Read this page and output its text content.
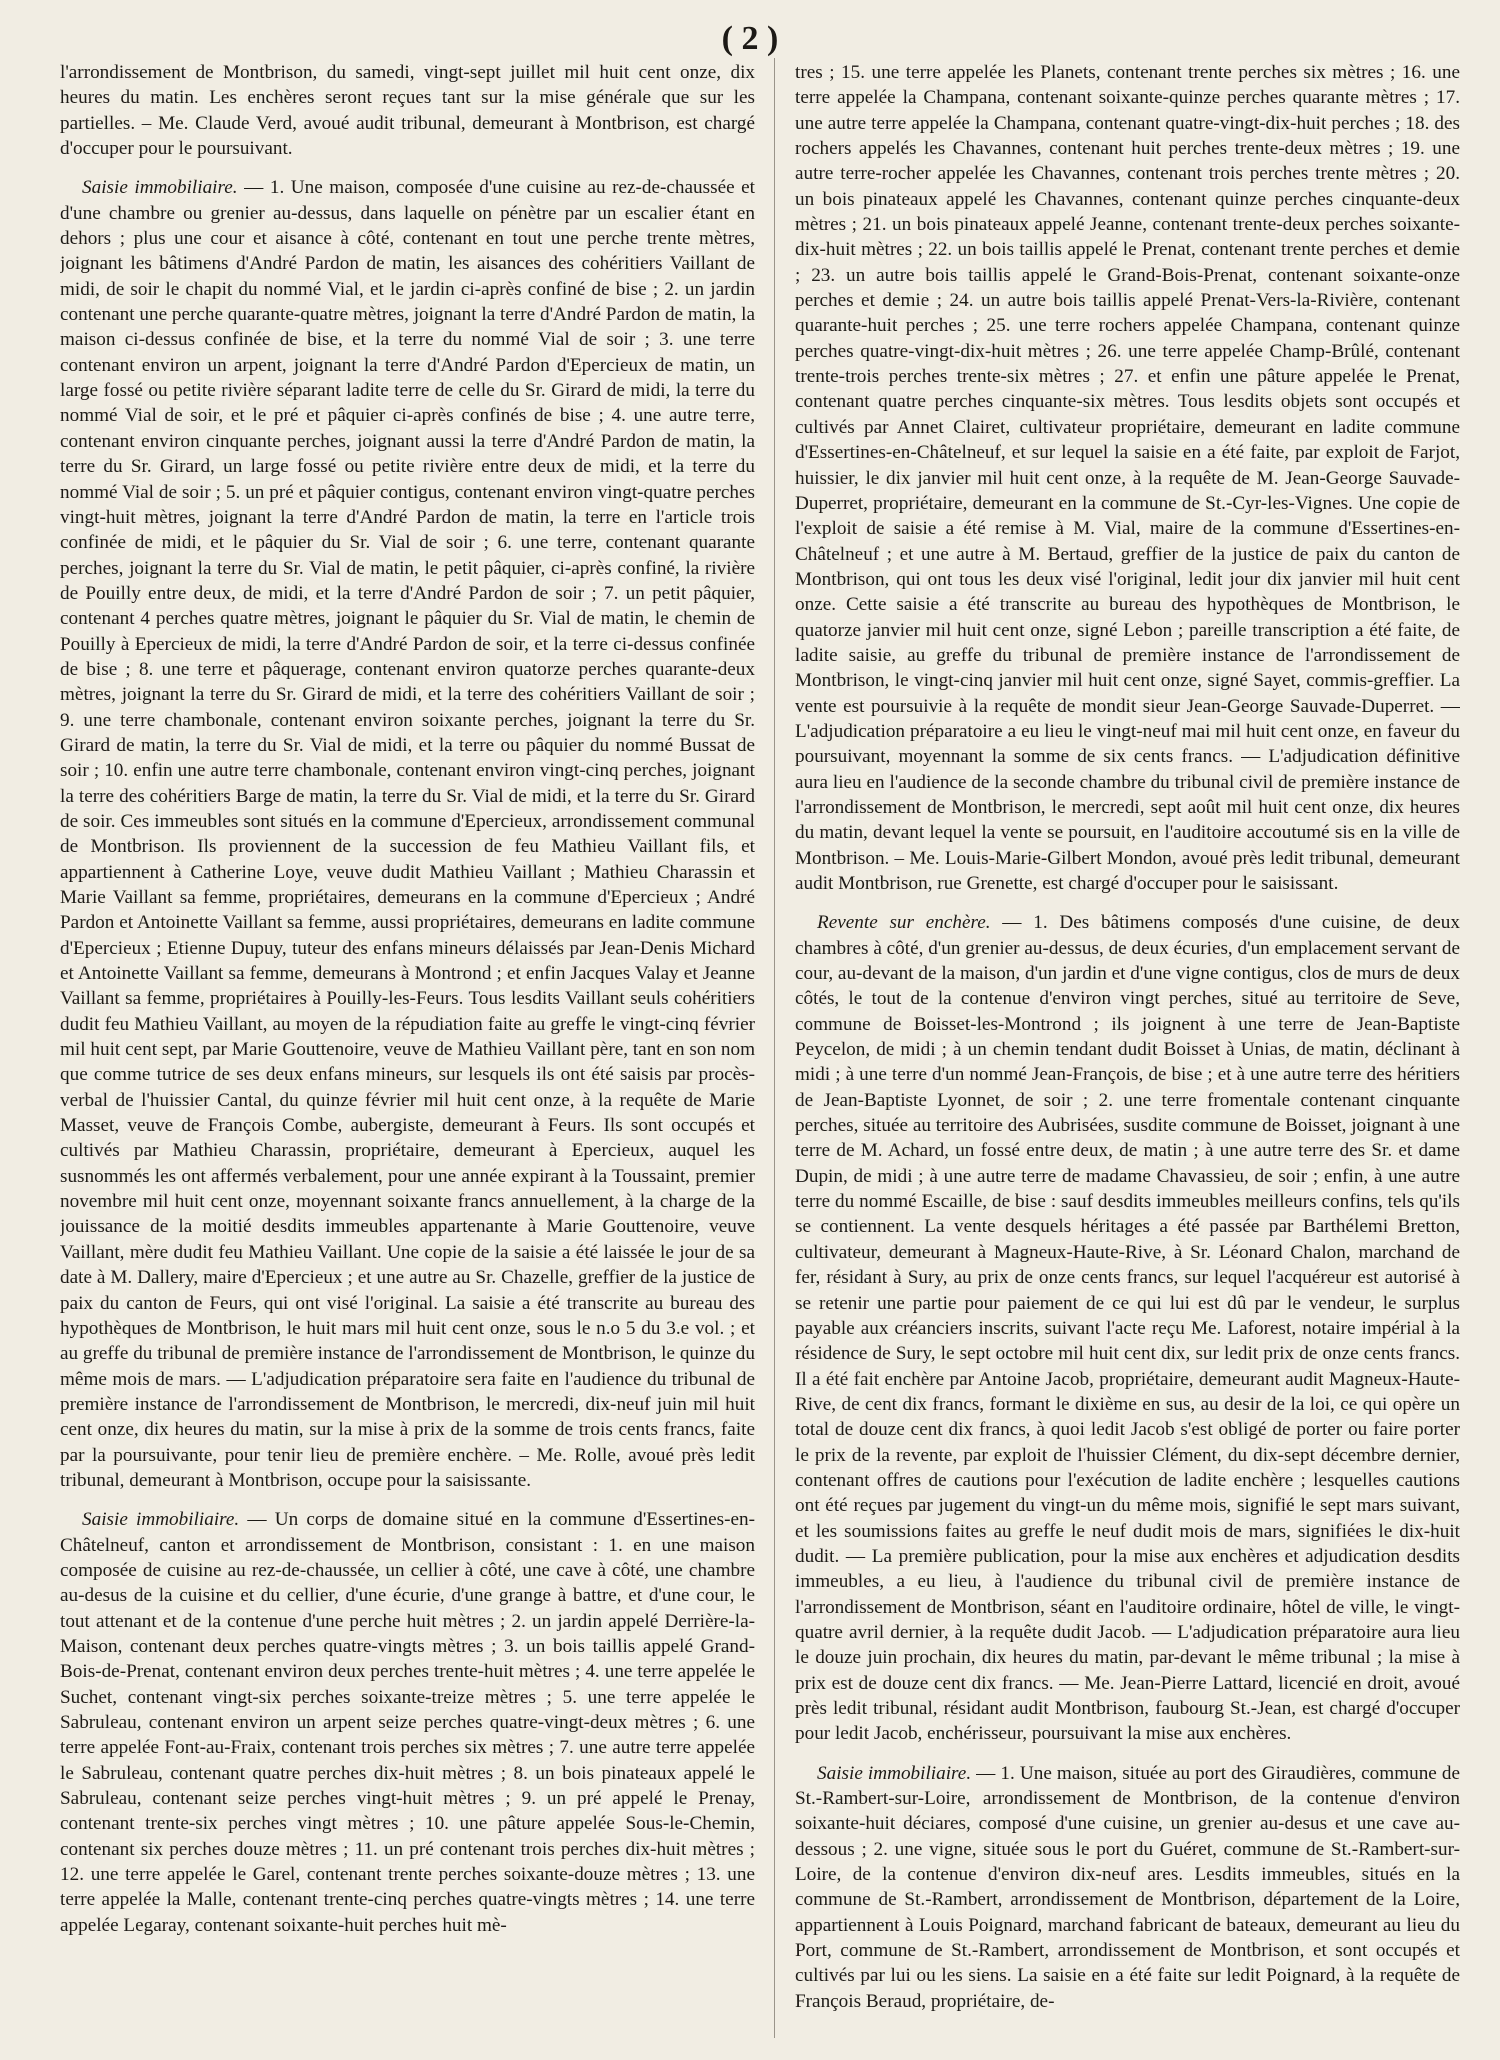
( 2 )

l'arrondissement de Montbrison, du samedi, vingt-sept juillet mil huit cent onze, dix heures du matin. Les enchères seront reçues tant sur la mise générale que sur les partielles. – Me. Claude Verd, avoué audit tribunal, demeurant à Montbrison, est chargé d'occuper pour le poursuivant.

Saisie immobiliaire. — 1. Une maison, composée d'une cuisine au rez-de-chaussée et d'une chambre ou grenier au-dessus, dans laquelle on pénètre par un escalier étant en dehors ; plus une cour et aisance à côté, contenant en tout une perche trente mètres, joignant les bâtimens d'André Pardon de matin, les aisances des cohéritiers Vaillant de midi, de soir le chapit du nommé Vial, et le jardin ci-après confiné de bise ; 2. un jardin contenant une perche quarante-quatre mètres, joignant la terre d'André Pardon de matin, la maison ci-dessus confinée de bise, et la terre du nommé Vial de soir ; 3. une terre contenant environ un arpent, joignant la terre d'André Pardon d'Epercieux de matin, un large fossé ou petite rivière séparant ladite terre de celle du Sr. Girard de midi, la terre du nommé Vial de soir, et le pré et pâquier ci-après confinés de bise ; 4. une autre terre, contenant environ cinquante perches, joignant aussi la terre d'André Pardon de matin, la terre du Sr. Girard, un large fossé ou petite rivière entre deux de midi, et la terre du nommé Vial de soir ; 5. un pré et pâquier contigus, contenant environ vingt-quatre perches vingt-huit mètres, joignant la terre d'André Pardon de matin, la terre en l'article trois confinée de midi, et le pâquier du Sr. Vial de soir ; 6. une terre, contenant quarante perches, joignant la terre du Sr. Vial de matin, le petit pâquier, ci-après confiné, la rivière de Pouilly entre deux, de midi, et la terre d'André Pardon de soir ; 7. un petit pâquier, contenant 4 perches quatre mètres, joignant le pâquier du Sr. Vial de matin, le chemin de Pouilly à Epercieux de midi, la terre d'André Pardon de soir, et la terre ci-dessus confinée de bise ; 8. une terre et pâquerage, contenant environ quatorze perches quarante-deux mètres, joignant la terre du Sr. Girard de midi, et la terre des cohéritiers Vaillant de soir ; 9. une terre chambonale, contenant environ soixante perches, joignant la terre du Sr. Girard de matin, la terre du Sr. Vial de midi, et la terre ou pâquier du nommé Bussat de soir ; 10. enfin une autre terre chambonale, contenant environ vingt-cinq perches, joignant la terre des cohéritiers Barge de matin, la terre du Sr. Vial de midi, et la terre du Sr. Girard de soir. Ces immeubles sont situés en la commune d'Epercieux, arrondissement communal de Montbrison. Ils proviennent de la succession de feu Mathieu Vaillant fils, et appartiennent à Catherine Loye, veuve dudit Mathieu Vaillant ; Mathieu Charassin et Marie Vaillant sa femme, propriétaires, demeurans en la commune d'Epercieux ; André Pardon et Antoinette Vaillant sa femme, aussi propriétaires, demeurans en ladite commune d'Epercieux ; Etienne Dupuy, tuteur des enfans mineurs délaissés par Jean-Denis Michard et Antoinette Vaillant sa femme, demeurans à Montrond ; et enfin Jacques Valay et Jeanne Vaillant sa femme, propriétaires à Pouilly-les-Feurs. Tous lesdits Vaillant seuls cohéritiers dudit feu Mathieu Vaillant, au moyen de la répudiation faite au greffe le vingt-cinq février mil huit cent sept, par Marie Gouttenoire, veuve de Mathieu Vaillant père, tant en son nom que comme tutrice de ses deux enfans mineurs, sur lesquels ils ont été saisis par procès-verbal de l'huissier Cantal, du quinze février mil huit cent onze, à la requête de Marie Masset, veuve de François Combe, aubergiste, demeurant à Feurs. Ils sont occupés et cultivés par Mathieu Charassin, propriétaire, demeurant à Epercieux, auquel les susnommés les ont affermés verbalement, pour une année expirant à la Toussaint, premier novembre mil huit cent onze, moyennant soixante francs annuellement, à la charge de la jouissance de la moitié desdits immeubles appartenante à Marie Gouttenoire, veuve Vaillant, mère dudit feu Mathieu Vaillant. Une copie de la saisie a été laissée le jour de sa date à M. Dallery, maire d'Epercieux ; et une autre au Sr. Chazelle, greffier de la justice de paix du canton de Feurs, qui ont visé l'original. La saisie a été transcrite au bureau des hypothèques de Montbrison, le huit mars mil huit cent onze, sous le n.o 5 du 3.e vol. ; et au greffe du tribunal de première instance de l'arrondissement de Montbrison, le quinze du même mois de mars. — L'adjudication préparatoire sera faite en l'audience du tribunal de première instance de l'arrondissement de Montbrison, le mercredi, dix-neuf juin mil huit cent onze, dix heures du matin, sur la mise à prix de la somme de trois cents francs, faite par la poursuivante, pour tenir lieu de première enchère. – Me. Rolle, avoué près ledit tribunal, demeurant à Montbrison, occupe pour la saisissante.

Saisie immobiliaire. — Un corps de domaine situé en la commune d'Essertines-en-Châtelneuf, canton et arrondissement de Montbrison, consistant : 1. en une maison composée de cuisine au rez-de-chaussée, un cellier à côté, une cave à côté, une chambre au-desus de la cuisine et du cellier, d'une écurie, d'une grange à battre, et d'une cour, le tout attenant et de la contenue d'une perche huit mètres ; 2. un jardin appelé Derrière-la-Maison, contenant deux perches quatre-vingts mètres ; 3. un bois taillis appelé Grand-Bois-de-Prenat, contenant environ deux perches trente-huit mètres ; 4. une terre appelée le Suchet, contenant vingt-six perches soixante-treize mètres ; 5. une terre appelée le Sabruleau, contenant environ un arpent seize perches quatre-vingt-deux mètres ; 6. une terre appelée Font-au-Fraix, contenant trois perches six mètres ; 7. une autre terre appelée le Sabruleau, contenant quatre perches dix-huit mètres ; 8. un bois pinateaux appelé le Sabruleau, contenant seize perches vingt-huit mètres ; 9. un pré appelé le Prenay, contenant trente-six perches vingt mètres ; 10. une pâture appelée Sous-le-Chemin, contenant six perches douze mètres ; 11. un pré contenant trois perches dix-huit mètres ; 12. une terre appelée le Garel, contenant trente perches soixante-douze mètres ; 13. une terre appelée la Malle, contenant trente-cinq perches quatre-vingts mètres ; 14. une terre appelée Legaray, contenant soixante-huit perches huit mè-

tres ; 15. une terre appelée les Planets, contenant trente perches six mètres ; 16. une terre appelée la Champana, contenant soixante-quinze perches quarante mètres ; 17. une autre terre appelée la Champana, contenant quatre-vingt-dix-huit perches ; 18. des rochers appelés les Chavannes, contenant huit perches trente-deux mètres ; 19. une autre terre-rocher appelée les Chavannes, contenant trois perches trente mètres ; 20. un bois pinateaux appelé les Chavannes, contenant quinze perches cinquante-deux mètres ; 21. un bois pinateaux appelé Jeanne, contenant trente-deux perches soixante-dix-huit mètres ; 22. un bois taillis appelé le Prenat, contenant trente perches et demie ; 23. un autre bois taillis appelé le Grand-Bois-Prenat, contenant soixante-onze perches et demie ; 24. un autre bois taillis appelé Prenat-Vers-la-Rivière, contenant quarante-huit perches ; 25. une terre rochers appelée Champana, contenant quinze perches quatre-vingt-dix-huit mètres ; 26. une terre appelée Champ-Brûlé, contenant trente-trois perches trente-six mètres ; 27. et enfin une pâture appelée le Prenat, contenant quatre perches cinquante-six mètres. Tous lesdits objets sont occupés et cultivés par Annet Clairet, cultivateur propriétaire, demeurant en ladite commune d'Essertines-en-Châtelneuf, et sur lequel la saisie en a été faite, par exploit de Farjot, huissier, le dix janvier mil huit cent onze, à la requête de M. Jean-George Sauvade-Duperret, propriétaire, demeurant en la commune de St.-Cyr-les-Vignes. Une copie de l'exploit de saisie a été remise à M. Vial, maire de la commune d'Essertines-en-Châtelneuf ; et une autre à M. Bertaud, greffier de la justice de paix du canton de Montbrison, qui ont tous les deux visé l'original, ledit jour dix janvier mil huit cent onze. Cette saisie a été transcrite au bureau des hypothèques de Montbrison, le quatorze janvier mil huit cent onze, signé Lebon ; pareille transcription a été faite, de ladite saisie, au greffe du tribunal de première instance de l'arrondissement de Montbrison, le vingt-cinq janvier mil huit cent onze, signé Sayet, commis-greffier. La vente est poursuivie à la requête de mondit sieur Jean-George Sauvade-Duperret. — L'adjudication préparatoire a eu lieu le vingt-neuf mai mil huit cent onze, en faveur du poursuivant, moyennant la somme de six cents francs. — L'adjudication définitive aura lieu en l'audience de la seconde chambre du tribunal civil de première instance de l'arrondissement de Montbrison, le mercredi, sept août mil huit cent onze, dix heures du matin, devant lequel la vente se poursuit, en l'auditoire accoutumé sis en la ville de Montbrison. – Me. Louis-Marie-Gilbert Mondon, avoué près ledit tribunal, demeurant audit Montbrison, rue Grenette, est chargé d'occuper pour le saisissant.

Revente sur enchère. — 1. Des bâtimens composés d'une cuisine, de deux chambres à côté, d'un grenier au-dessus, de deux écuries, d'un emplacement servant de cour, au-devant de la maison, d'un jardin et d'une vigne contigus, clos de murs de deux côtés, le tout de la contenue d'environ vingt perches, situé au territoire de Seve, commune de Boisset-les-Montrond ; ils joignent à une terre de Jean-Baptiste Peycelon, de midi ; à un chemin tendant dudit Boisset à Unias, de matin, déclinant à midi ; à une terre d'un nommé Jean-François, de bise ; et à une autre terre des héritiers de Jean-Baptiste Lyonnet, de soir ; 2. une terre fromentale contenant cinquante perches, située au territoire des Aubrisées, susdite commune de Boisset, joignant à une terre de M. Achard, un fossé entre deux, de matin ; à une autre terre des Sr. et dame Dupin, de midi ; à une autre terre de madame Chavassieu, de soir ; enfin, à une autre terre du nommé Escaille, de bise : sauf desdits immeubles meilleurs confins, tels qu'ils se contiennent. La vente desquels héritages a été passée par Barthélemi Bretton, cultivateur, demeurant à Magneux-Haute-Rive, à Sr. Léonard Chalon, marchand de fer, résidant à Sury, au prix de onze cents francs, sur lequel l'acquéreur est autorisé à se retenir une partie pour paiement de ce qui lui est dû par le vendeur, le surplus payable aux créanciers inscrits, suivant l'acte reçu Me. Laforest, notaire impérial à la résidence de Sury, le sept octobre mil huit cent dix, sur ledit prix de onze cents francs. Il a été fait enchère par Antoine Jacob, propriétaire, demeurant audit Magneux-Haute-Rive, de cent dix francs, formant le dixième en sus, au desir de la loi, ce qui opère un total de douze cent dix francs, à quoi ledit Jacob s'est obligé de porter ou faire porter le prix de la revente, par exploit de l'huissier Clément, du dix-sept décembre dernier, contenant offres de cautions pour l'exécution de ladite enchère ; lesquelles cautions ont été reçues par jugement du vingt-un du même mois, signifié le sept mars suivant, et les soumissions faites au greffe le neuf dudit mois de mars, signifiées le dix-huit dudit. — La première publication, pour la mise aux enchères et adjudication desdits immeubles, a eu lieu, à l'audience du tribunal civil de première instance de l'arrondissement de Montbrison, séant en l'auditoire ordinaire, hôtel de ville, le vingt-quatre avril dernier, à la requête dudit Jacob. — L'adjudication préparatoire aura lieu le douze juin prochain, dix heures du matin, par-devant le même tribunal ; la mise à prix est de douze cent dix francs. — Me. Jean-Pierre Lattard, licencié en droit, avoué près ledit tribunal, résidant audit Montbrison, faubourg St.-Jean, est chargé d'occuper pour ledit Jacob, enchérisseur, poursuivant la mise aux enchères.

Saisie immobiliaire. — 1. Une maison, située au port des Giraudières, commune de St.-Rambert-sur-Loire, arrondissement de Montbrison, de la contenue d'environ soixante-huit déciares, composé d'une cuisine, un grenier au-desus et une cave au-dessous ; 2. une vigne, située sous le port du Guéret, commune de St.-Rambert-sur-Loire, de la contenue d'environ dix-neuf ares. Lesdits immeubles, situés en la commune de St.-Rambert, arrondissement de Montbrison, département de la Loire, appartiennent à Louis Poignard, marchand fabricant de bateaux, demeurant au lieu du Port, commune de St.-Rambert, arrondissement de Montbrison, et sont occupés et cultivés par lui ou les siens. La saisie en a été faite sur ledit Poignard, à la requête de François Beraud, propriétaire, de-
